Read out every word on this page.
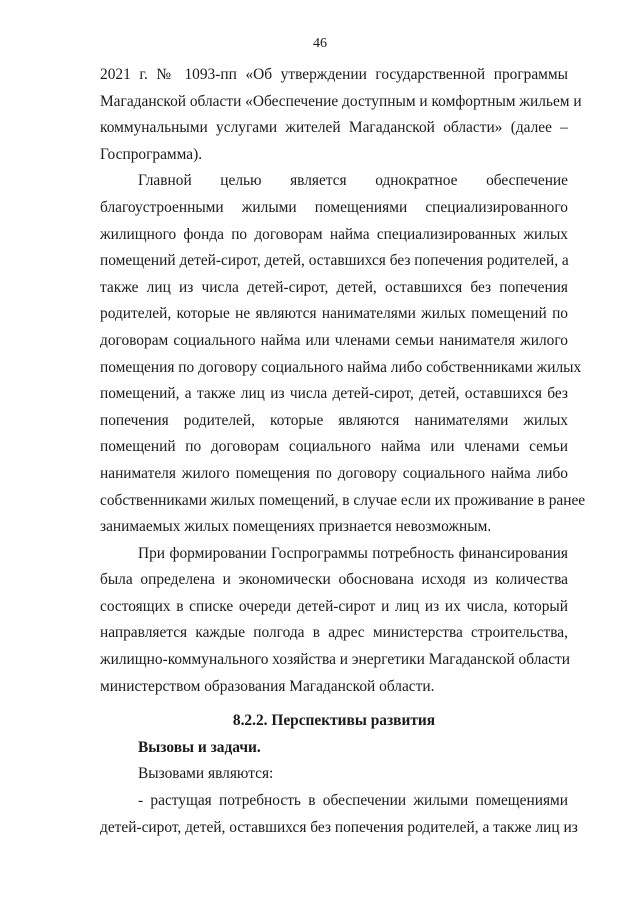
46
2021 г. № 1093-пп «Об утверждении государственной программы
Магаданской области «Обеспечение доступным и комфортным жильем и
коммунальными услугами жителей Магаданской области» (далее –
Госпрограмма).
Главной целью является однократное обеспечение
благоустроенными жилыми помещениями специализированного
жилищного фонда по договорам найма специализированных жилых
помещений детей-сирот, детей, оставшихся без попечения родителей, а
также лиц из числа детей-сирот, детей, оставшихся без попечения
родителей, которые не являются нанимателями жилых помещений по
договорам социального найма или членами семьи нанимателя жилого
помещения по договору социального найма либо собственниками жилых
помещений, а также лиц из числа детей-сирот, детей, оставшихся без
попечения родителей, которые являются нанимателями жилых
помещений по договорам социального найма или членами семьи
нанимателя жилого помещения по договору социального найма либо
собственниками жилых помещений, в случае если их проживание в ранее
занимаемых жилых помещениях признается невозможным.
При формировании Госпрограммы потребность финансирования
была определена и экономически обоснована исходя из количества
состоящих в списке очереди детей-сирот и лиц из их числа, который
направляется каждые полгода в адрес министерства строительства,
жилищно-коммунального хозяйства и энергетики Магаданской области
министерством образования Магаданской области.
8.2.2. Перспективы развития
Вызовы и задачи.
Вызовами являются:
- растущая потребность в обеспечении жилыми помещениями
детей-сирот, детей, оставшихся без попечения родителей, а также лиц из
